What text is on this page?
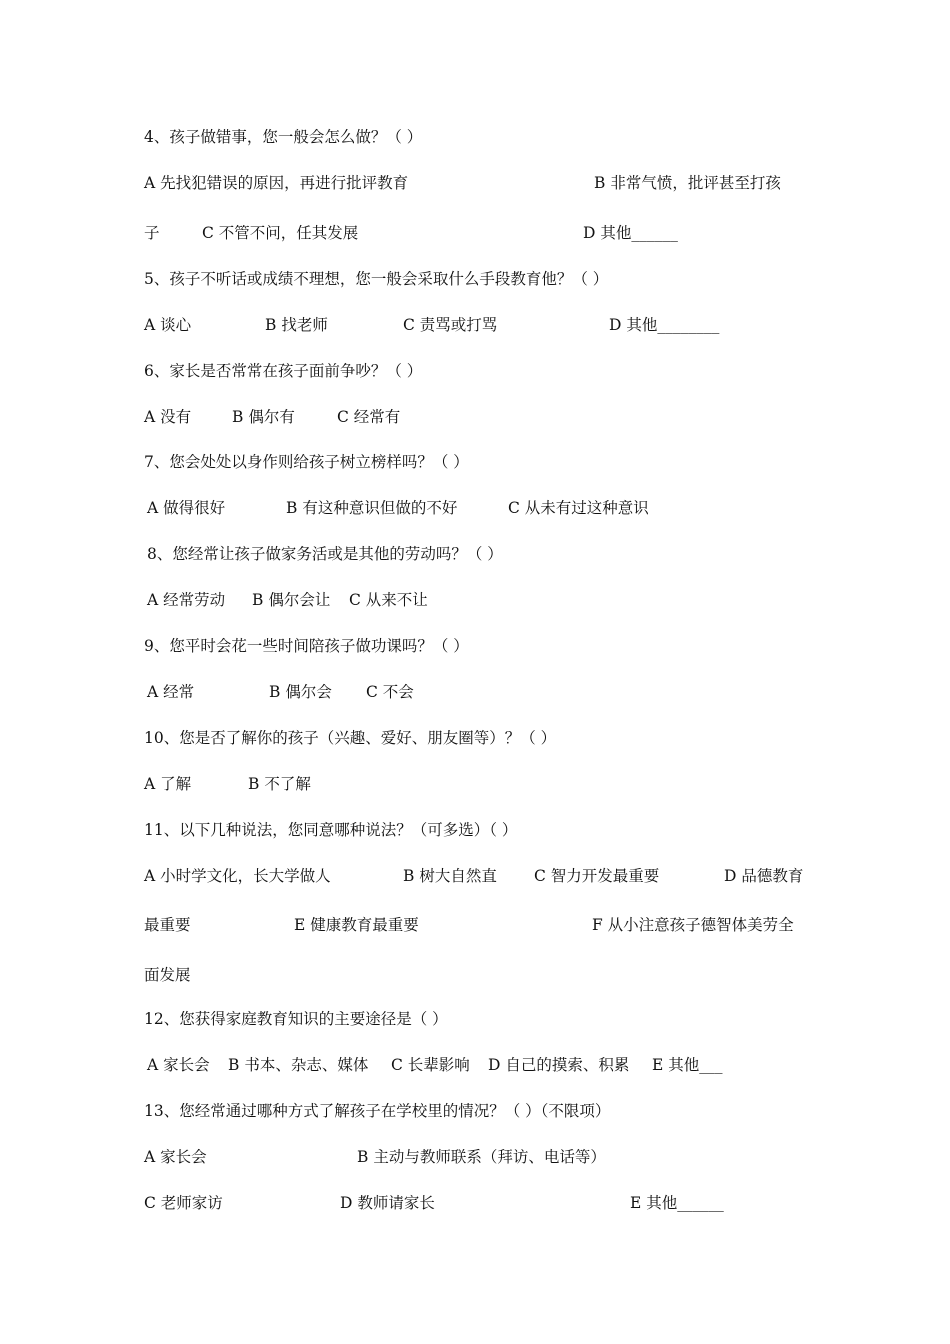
4、孩子做错事，您一般会怎么做？（ ）
A 先找犯错误的原因，再进行批评教育	B 非常气愤，批评甚至打孩
子	C 不管不问，任其发展	D 其他______
5、孩子不听话或成绩不理想，您一般会采取什么手段教育他？（ ）
A 谈心	B 找老师	C 责骂或打骂	D 其他________
6、家长是否常常在孩子面前争吵？（ ）
A 没有	B 偶尔有	C 经常有
7、您会处处以身作则给孩子树立榜样吗？（ ）
A 做得很好	B 有这种意识但做的不好	C 从未有过这种意识
8、您经常让孩子做家务活或是其他的劳动吗？（ ）
A 经常劳动 B 偶尔会让 C 从来不让
9、您平时会花一些时间陪孩子做功课吗？（ ）
A 经常	B 偶尔会 C 不会
10、您是否了解你的孩子（兴趣、爱好、朋友圈等）？（ ）
A 了解	B 不了解
11、以下几种说法，您同意哪种说法？（可多选）（ ）
A 小时学文化，长大学做人	B 树大自然直 C 智力开发最重要	D 品德教育
最重要	E 健康教育最重要	F 从小注意孩子德智体美劳全
面发展
12、您获得家庭教育知识的主要途径是（ ）
A 家长会 B 书本、杂志、媒体 C 长辈影响 D 自己的摸索、积累 E 其他___
13、您经常通过哪种方式了解孩子在学校里的情况？（ ）（不限项）
A 家长会	B 主动与教师联系（拜访、电话等）
C 老师家访	D 教师请家长	E 其他______
